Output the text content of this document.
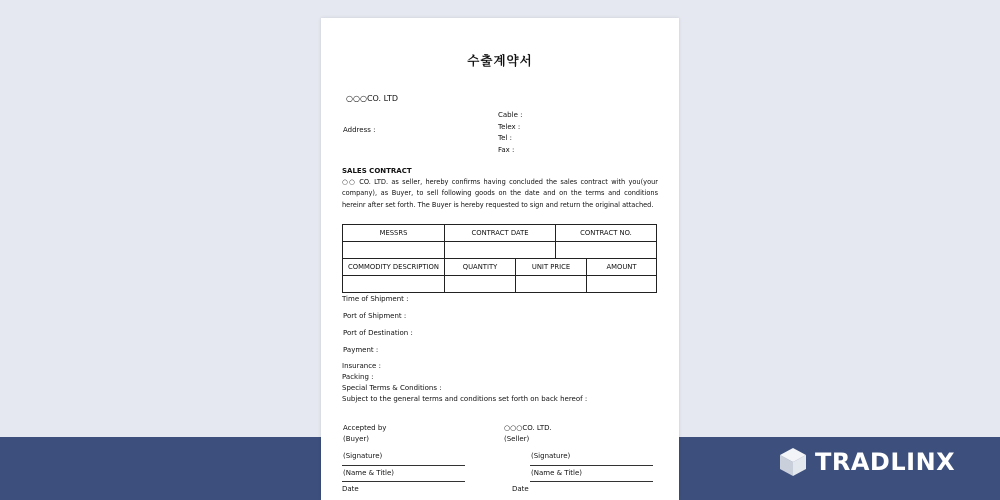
수출계약서
○○○CO. LTD
Cable :
Telex :
Tel :
Fax :
Address :
SALES CONTRACT
○○ CO. LTD. as seller, hereby confirms having concluded the sales contract with you(your company), as Buyer, to sell following goods on the date and on the terms and conditions hereinr after set forth. The Buyer is hereby requested to sign and return the original attached.
MESSRS	CONTRACT DATE	CONTRACT NO.

COMMODITY DESCRIPTION	QUANTITY	UNIT PRICE	AMOUNT

Time of Shipment :
Port of Shipment :
Port of Destination :
Payment :
Insurance :
Packing :
Special Terms & Conditions :
Subject to the general terms and conditions set forth on back hereof :
Accepted by
(Buyer)
(Signature)
(Name & Title)
Date
○○○CO. LTD.
(Seller)
(Signature)
(Name & Title)
Date
TRADLINX
